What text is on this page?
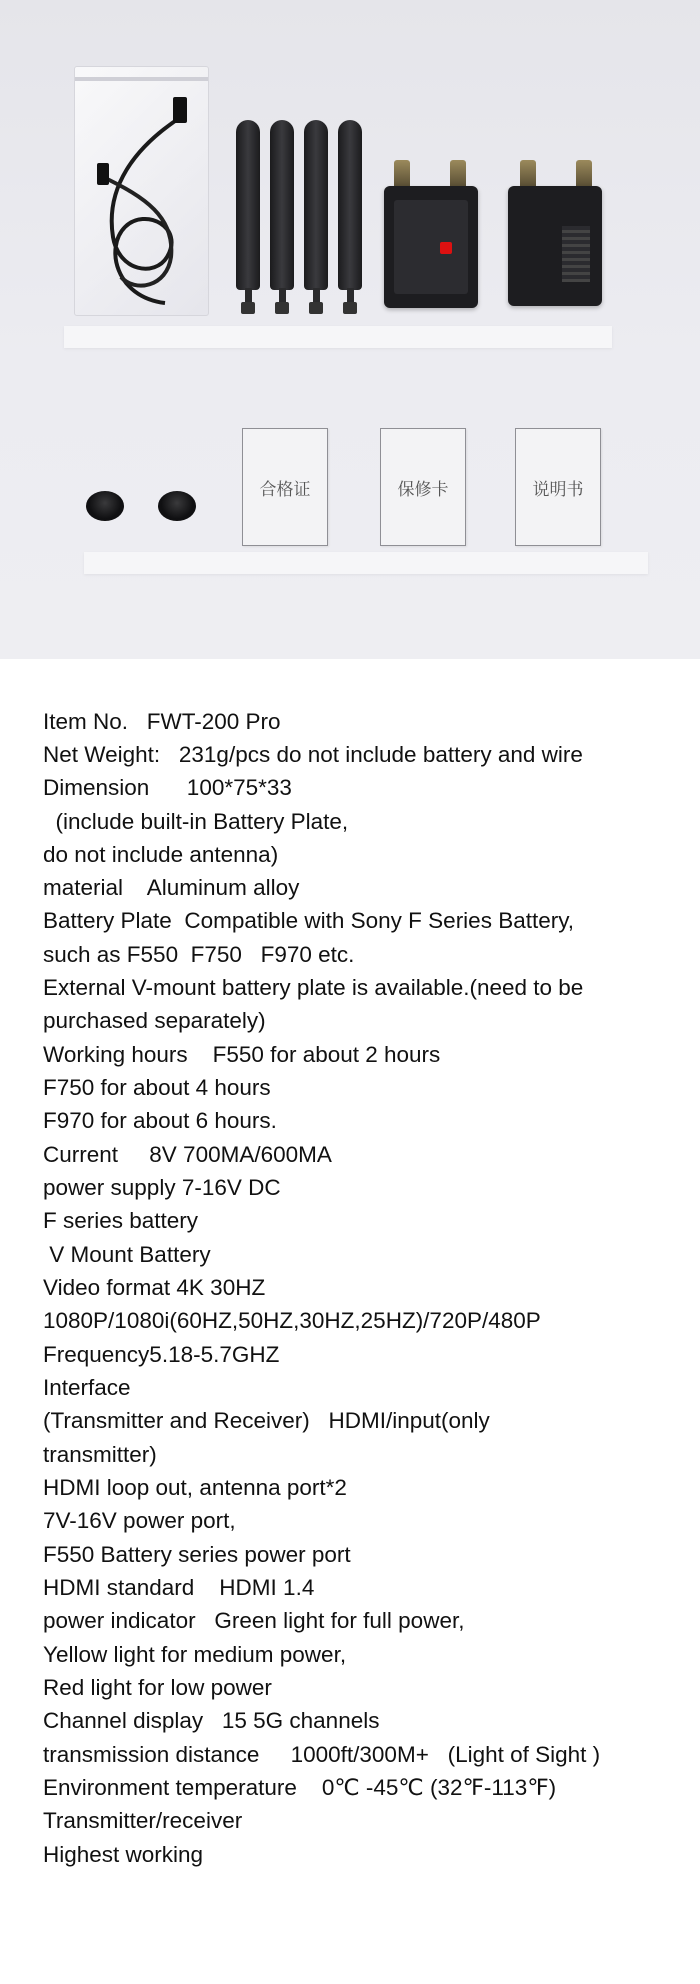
合格证	保修卡	说明书

Item No.   FWT-200 Pro

Net Weight:   231g/pcs do not include battery and wire

Dimension      100*75*33

(include built-in Battery Plate,

do not include antenna)

material    Aluminum alloy

Battery Plate  Compatible with Sony F Series Battery,

such as F550  F750   F970 etc.

External V-mount battery plate is available.(need to be

purchased separately)

Working hours    F550 for about 2 hours

F750 for about 4 hours

F970 for about 6 hours.

Current     8V 700MA/600MA

power supply 7-16V DC

F series battery

V Mount Battery

Video format 4K 30HZ

1080P/1080i(60HZ,50HZ,30HZ,25HZ)/720P/480P

Frequency5.18-5.7GHZ

Interface

(Transmitter and Receiver)   HDMI/input(only

transmitter)

HDMI loop out, antenna port*2

7V-16V power port,

F550 Battery series power port

HDMI standard    HDMI 1.4

power indicator   Green light for full power,

Yellow light for medium power,

Red light for low power

Channel display   15 5G channels

transmission distance     1000ft/300M+   (Light of Sight )

Environment temperature    0℃ -45℃ (32℉-113℉)

Transmitter/receiver

Highest working
